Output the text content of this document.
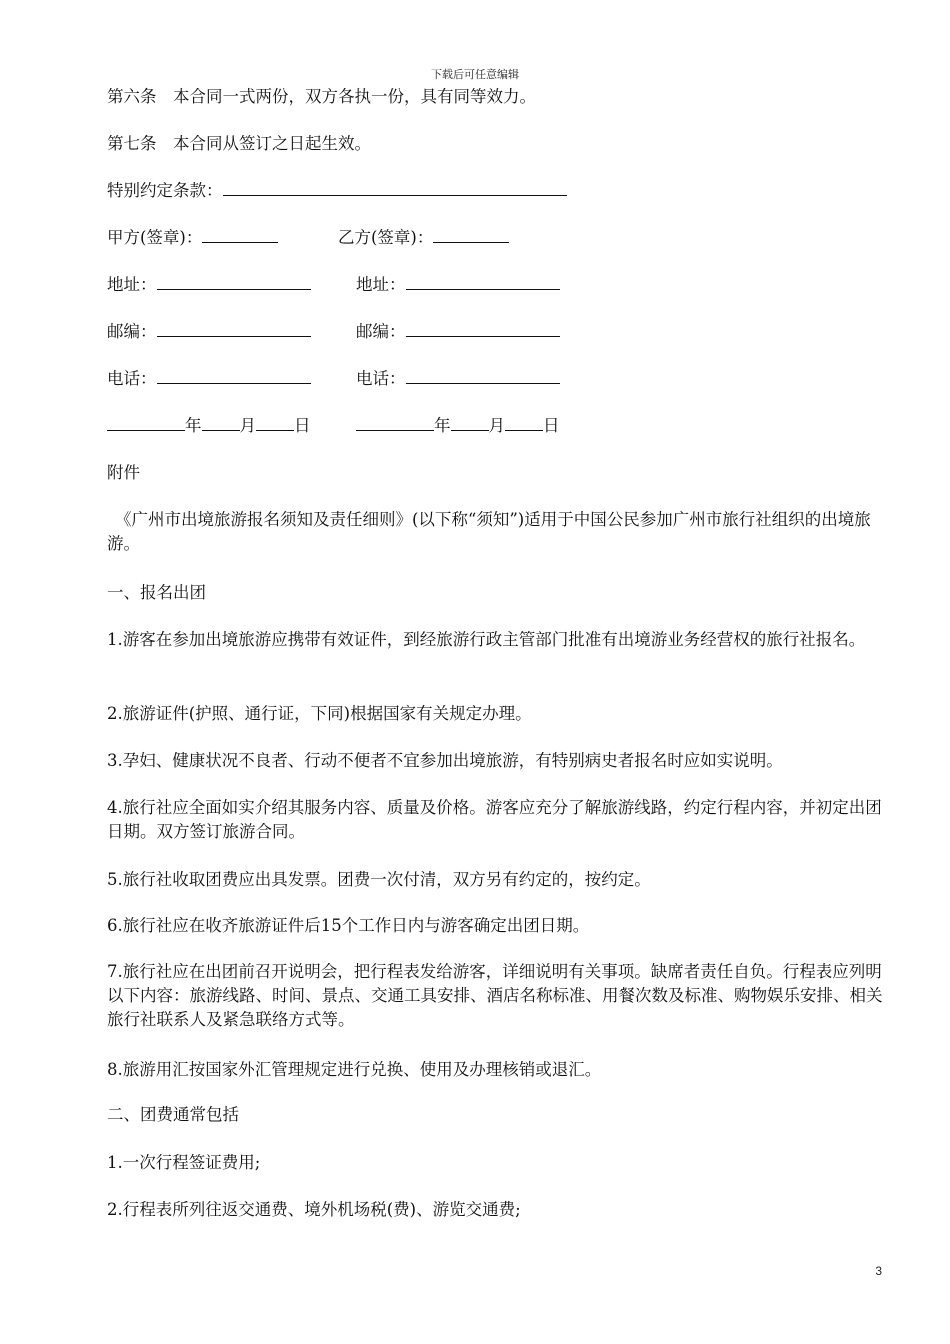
下载后可任意编辑
第六条　本合同一式两份，双方各执一份，具有同等效力。
第七条　本合同从签订之日起生效。
特别约定条款：
甲方(签章)：	乙方(签章)：
地址：	地址：
邮编：	邮编：
电话：	电话：
年 月 日	年 月 日
附件
《广州市出境旅游报名须知及责任细则》(以下称“须知”)适用于中国公民参加广州市旅行社组织的出境旅游。
一、报名出团
1.游客在参加出境旅游应携带有效证件，到经旅游行政主管部门批准有出境游业务经营权的旅行社报名。
2.旅游证件(护照、通行证，下同)根据国家有关规定办理。
3.孕妇、健康状况不良者、行动不便者不宜参加出境旅游，有特别病史者报名时应如实说明。
4.旅行社应全面如实介绍其服务内容、质量及价格。游客应充分了解旅游线路，约定行程内容，并初定出团日期。双方签订旅游合同。
5.旅行社收取团费应出具发票。团费一次付清，双方另有约定的，按约定。
6.旅行社应在收齐旅游证件后15个工作日内与游客确定出团日期。
7.旅行社应在出团前召开说明会，把行程表发给游客，详细说明有关事项。缺席者责任自负。行程表应列明以下内容：旅游线路、时间、景点、交通工具安排、酒店名称标准、用餐次数及标准、购物娱乐安排、相关旅行社联系人及紧急联络方式等。
8.旅游用汇按国家外汇管理规定进行兑换、使用及办理核销或退汇。
二、团费通常包括
1.一次行程签证费用;
2.行程表所列往返交通费、境外机场税(费)、游览交通费;
3
